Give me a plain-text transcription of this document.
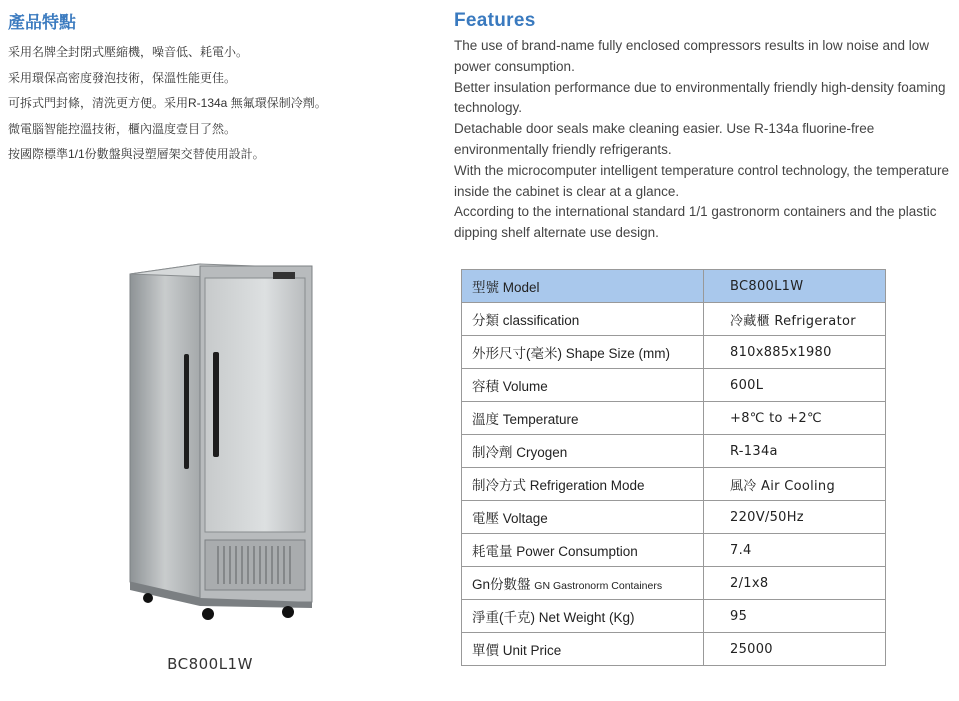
產品特點
采用名牌全封閉式壓縮機，噪音低、耗電小。
采用環保高密度發泡技術，保溫性能更佳。
可拆式門封條，清洗更方便。采用R-134a 無氟環保制冷劑。
微電腦智能控溫技術，櫃內溫度壹目了然。
按國際標準1/1份數盤與浸塑層架交替使用設計。
Features

The use of brand-name fully enclosed compressors results in low noise and low power consumption.

Better insulation performance due to environmentally friendly high-density foaming technology.

Detachable door seals make cleaning easier. Use R-134a fluorine-free environmentally friendly refrigerants.

With the microcomputer intelligent temperature control technology, the temperature inside the cabinet is clear at a glance.

According to the international standard 1/1 gastronorm containers and the plastic dipping shelf alternate use design.

BC800L1W
型號 Model	BC800L1W
分類 classification	冷藏櫃 Refrigerator
外形尺寸(毫米) Shape Size (mm)	810x885x1980
容積 Volume	600L
溫度 Temperature	+8℃ to +2℃
制冷劑 Cryogen	R-134a
制冷方式 Refrigeration Mode	風冷 Air Cooling
電壓 Voltage	220V/50Hz
耗電量 Power Consumption	7.4
Gn份數盤 GN Gastronorm Containers	2/1x8
淨重(千克) Net Weight (Kg)	95
單價 Unit Price	25000
